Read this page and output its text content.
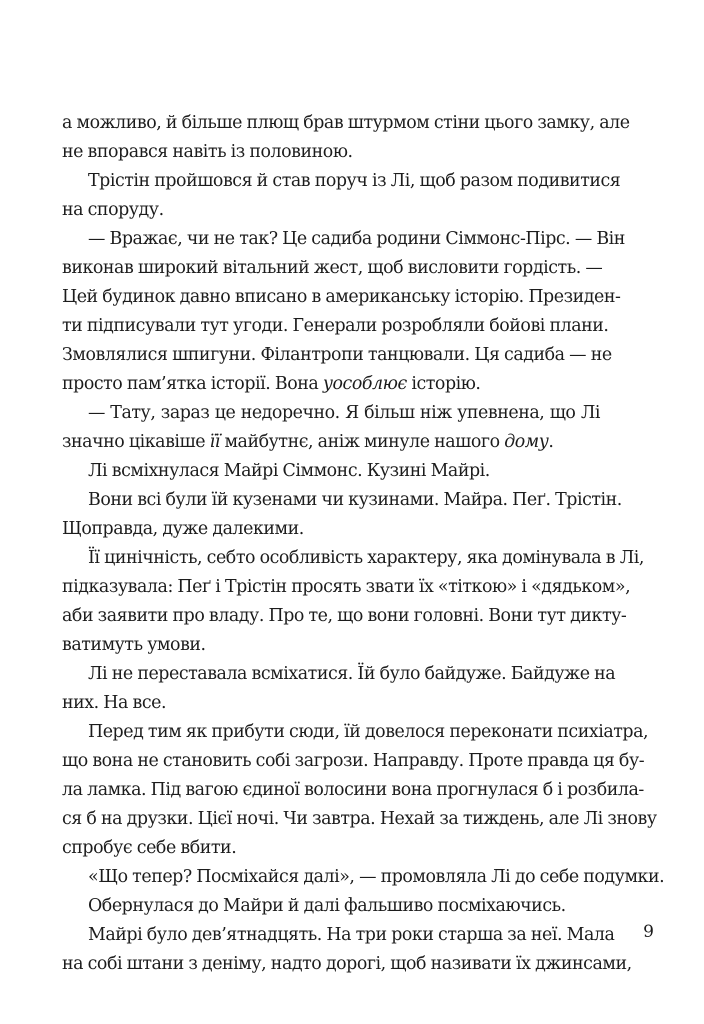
а можливо, й більше плющ брав штурмом стіни цього замку, але
не впорався навіть із половиною.
Трістін пройшовся й став поруч із Лі, щоб разом подивитися
на споруду.
— Вражає, чи не так? Це садиба родини Сіммонс-Пірс. — Він
виконав широкий вітальний жест, щоб висловити гордість. —
Цей будинок давно вписано в американську історію. Президен-
ти підписували тут угоди. Генерали розробляли бойові плани.
Змовлялися шпигуни. Філантропи танцювали. Ця садиба — не
просто пам’ятка історії. Вона уособлює історію.
— Тату, зараз це недоречно. Я більш ніж упевнена, що Лі
значно цікавіше її майбутнє, аніж минуле нашого дому.
Лі всміхнулася Майрі Сіммонс. Кузині Майрі.
Вони всі були їй кузенами чи кузинами. Майра. Пеґ. Трістін.
Щоправда, дуже далекими.
Її цинічність, себто особливість характеру, яка домінувала в Лі,
підказувала: Пеґ і Трістін просять звати їх «тіткою» і «дядьком»,
аби заявити про владу. Про те, що вони головні. Вони тут дикту-
ватимуть умови.
Лі не переставала всміхатися. Їй було байдуже. Байдуже на
них. На все.
Перед тим як прибути сюди, їй довелося переконати психіатра,
що вона не становить собі загрози. Направду. Проте правда ця бу-
ла ламка. Під вагою єдиної волосини вона прогнулася б і розбила-
ся б на друзки. Цієї ночі. Чи завтра. Нехай за тиждень, але Лі знову
спробує себе вбити.
«Що тепер? Посміхайся далі», — промовляла Лі до себе подумки.
Обернулася до Майри й далі фальшиво посміхаючись.
Майрі було дев’ятнадцять. На три роки старша за неї. Мала
на собі штани з деніму, надто дорогі, щоб називати їх джинсами,
9
